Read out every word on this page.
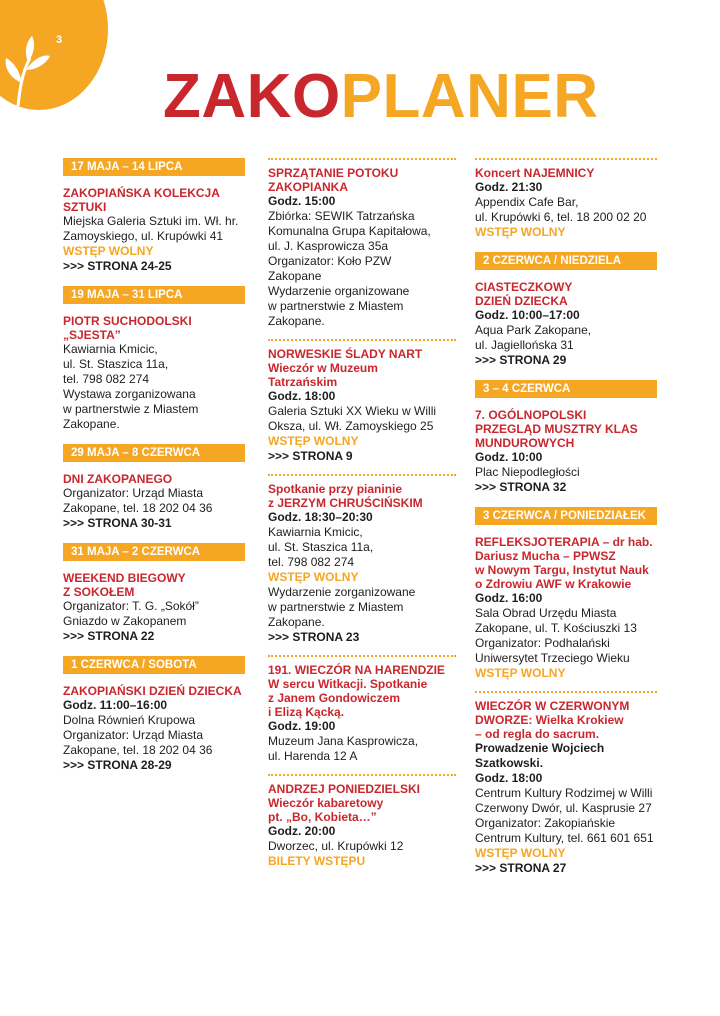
3
ZAKOPLANER
17 MAJA – 14 LIPCA
ZAKOPIAŃSKA KOLEKCJA
SZTUKI
Miejska Galeria Sztuki im. Wł. hr.
Zamoyskiego, ul. Krupówki 41
WSTĘP WOLNY
>>> STRONA 24-25
19 MAJA – 31 LIPCA
PIOTR SUCHODOLSKI
„SJESTA”
Kawiarnia Kmicic,
ul. St. Staszica 11a,
tel. 798 082 274
Wystawa zorganizowana
w partnerstwie z Miastem
Zakopane.
29 MAJA – 8 CZERWCA
DNI ZAKOPANEGO
Organizator: Urząd Miasta
Zakopane, tel. 18 202 04 36
>>> STRONA 30-31
31 MAJA – 2 CZERWCA
WEEKEND BIEGOWY
Z SOKOŁEM
Organizator: T. G. „Sokół”
Gniazdo w Zakopanem
>>> STRONA 22
1 CZERWCA / SOBOTA
ZAKOPIAŃSKI DZIEŃ DZIECKA
Godz. 11:00–16:00
Dolna Równień Krupowa
Organizator: Urząd Miasta
Zakopane, tel. 18 202 04 36
>>> STRONA 28-29
SPRZĄTANIE POTOKU
ZAKOPIANKA
Godz. 15:00
Zbiórka: SEWIK Tatrzańska
Komunalna Grupa Kapitałowa,
ul. J. Kasprowicza 35a
Organizator: Koło PZW
Zakopane
Wydarzenie organizowane
w partnerstwie z Miastem
Zakopane.
NORWESKIE ŚLADY NART
Wieczór w Muzeum
Tatrzańskim
Godz. 18:00
Galeria Sztuki XX Wieku w Willi
Oksza, ul. Wł. Zamoyskiego 25
WSTĘP WOLNY
>>> STRONA 9
Spotkanie przy pianinie
z JERZYM CHRUŚCIŃSKIM
Godz. 18:30–20:30
Kawiarnia Kmicic,
ul. St. Staszica 11a,
tel. 798 082 274
WSTĘP WOLNY
Wydarzenie zorganizowane
w partnerstwie z Miastem
Zakopane.
>>> STRONA 23
191. WIECZÓR NA HARENDZIE
W sercu Witkacji. Spotkanie
z Janem Gondowiczem
i Elizą Kącką.
Godz. 19:00
Muzeum Jana Kasprowicza,
ul. Harenda 12 A
ANDRZEJ PONIEDZIELSKI
Wieczór kabaretowy
pt. „Bo, Kobieta…”
Godz. 20:00
Dworzec, ul. Krupówki 12
BILETY WSTĘPU
Koncert NAJEMNICY
Godz. 21:30
Appendix Cafe Bar,
ul. Krupówki 6, tel. 18 200 02 20
WSTĘP WOLNY
2 CZERWCA / NIEDZIELA
CIASTECZKOWY
DZIEŃ DZIECKA
Godz. 10:00–17:00
Aqua Park Zakopane,
ul. Jagiellońska 31
>>> STRONA 29
3 – 4 CZERWCA
7. OGÓLNOPOLSKI
PRZEGLĄD MUSZTRY KLAS
MUNDUROWYCH
Godz. 10:00
Plac Niepodległości
>>> STRONA 32
3 CZERWCA / PONIEDZIAŁEK
REFLEKSJOTERAPIA – dr hab.
Dariusz Mucha – PPWSZ
w Nowym Targu, Instytut Nauk
o Zdrowiu AWF w Krakowie
Godz. 16:00
Sala Obrad Urzędu Miasta
Zakopane, ul. T. Kościuszki 13
Organizator: Podhalański
Uniwersytet Trzeciego Wieku
WSTĘP WOLNY
WIECZÓR W CZERWONYM
DWORZE: Wielka Krokiew
– od regla do sacrum.
Prowadzenie Wojciech
Szatkowski.
Godz. 18:00
Centrum Kultury Rodzimej w Willi
Czerwony Dwór, ul. Kasprusie 27
Organizator: Zakopiańskie
Centrum Kultury, tel. 661 601 651
WSTĘP WOLNY
>>> STRONA 27
